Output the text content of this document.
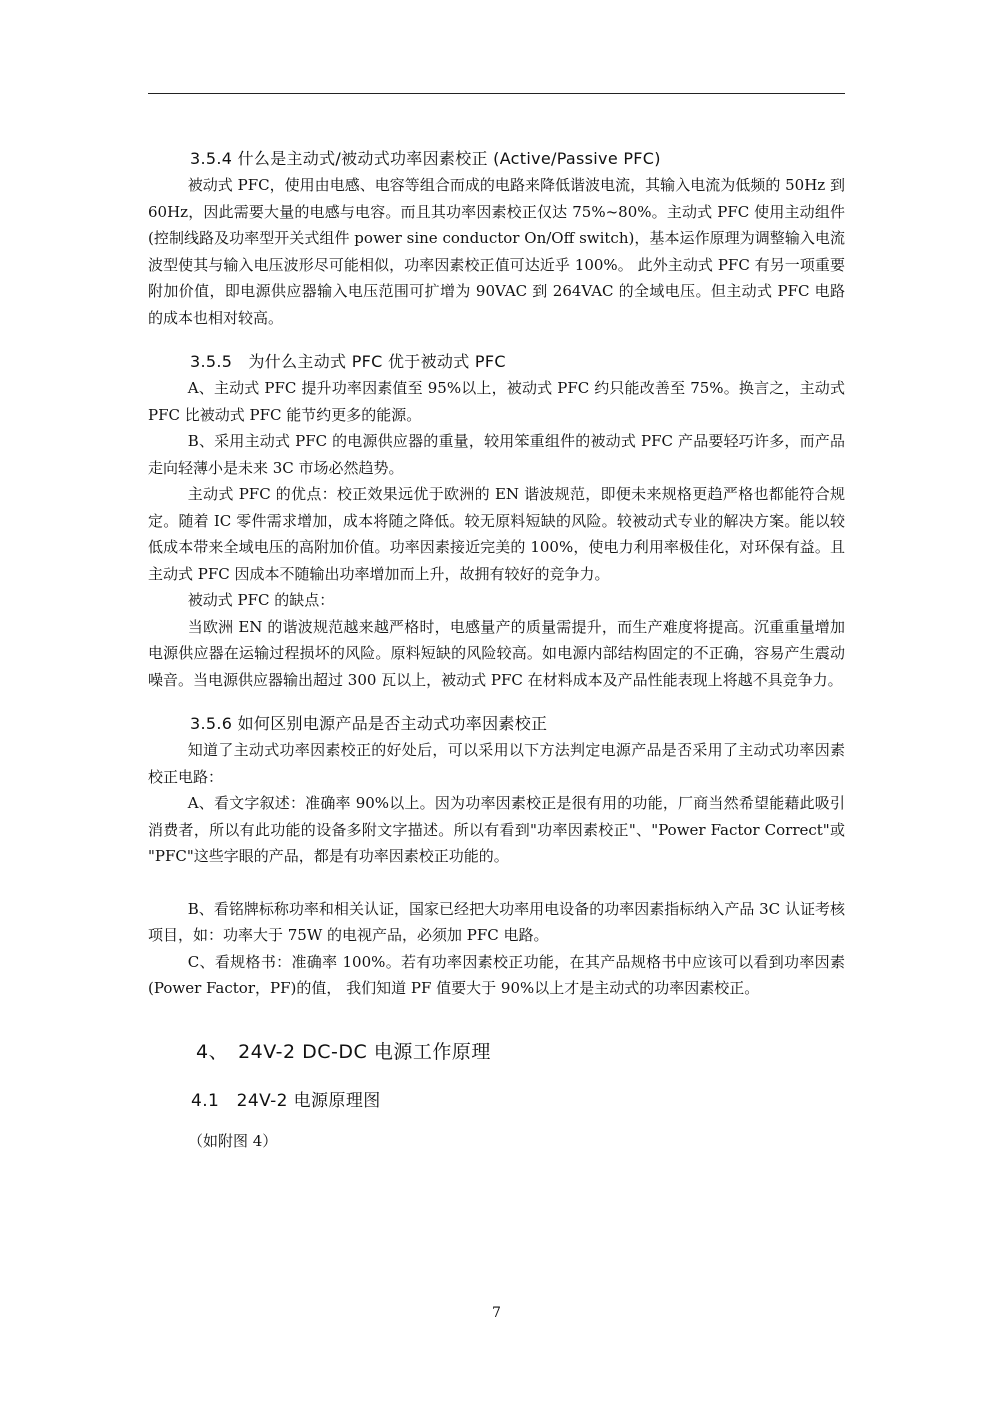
3.5.4 什么是主动式/被动式功率因素校正 (Active/Passive PFC)

被动式 PFC，使用由电感、电容等组合而成的电路来降低谐波电流，其输入电流为低频的 50Hz 到 60Hz，因此需要大量的电感与电容。而且其功率因素校正仅达 75%~80%。主动式 PFC 使用主动组件 (控制线路及功率型开关式组件 power sine conductor On/Off switch)，基本运作原理为调整输入电流波型使其与输入电压波形尽可能相似，功率因素校正值可达近乎 100%。 此外主动式 PFC 有另一项重要附加价值，即电源供应器输入电压范围可扩增为 90VAC 到 264VAC 的全域电压。但主动式 PFC 电路的成本也相对较高。

3.5.5　为什么主动式 PFC 优于被动式 PFC

A、主动式 PFC 提升功率因素值至 95%以上，被动式 PFC 约只能改善至 75%。换言之，主动式 PFC 比被动式 PFC 能节约更多的能源。

B、采用主动式 PFC 的电源供应器的重量，较用笨重组件的被动式 PFC 产品要轻巧许多，而产品走向轻薄小是未来 3C 市场必然趋势。

主动式 PFC 的优点：校正效果远优于欧洲的 EN 谐波规范，即便未来规格更趋严格也都能符合规定。随着 IC 零件需求增加，成本将随之降低。较无原料短缺的风险。较被动式专业的解决方案。能以较低成本带来全域电压的高附加价值。功率因素接近完美的 100%，使电力利用率极佳化，对环保有益。且主动式 PFC 因成本不随输出功率增加而上升，故拥有较好的竞争力。

被动式 PFC 的缺点：

当欧洲 EN 的谐波规范越来越严格时，电感量产的质量需提升，而生产难度将提高。沉重重量增加电源供应器在运输过程损坏的风险。原料短缺的风险较高。如电源内部结构固定的不正确，容易产生震动噪音。当电源供应器输出超过 300 瓦以上，被动式 PFC 在材料成本及产品性能表现上将越不具竞争力。

3.5.6 如何区别电源产品是否主动式功率因素校正

知道了主动式功率因素校正的好处后，可以采用以下方法判定电源产品是否采用了主动式功率因素校正电路：

A、看文字叙述：准确率 90%以上。因为功率因素校正是很有用的功能，厂商当然希望能藉此吸引消费者，所以有此功能的设备多附文字描述。所以有看到"功率因素校正"、"Power Factor Correct"或 "PFC"这些字眼的产品，都是有功率因素校正功能的。

B、看铭牌标称功率和相关认证，国家已经把大功率用电设备的功率因素指标纳入产品 3C 认证考核项目，如：功率大于 75W 的电视产品，必须加 PFC 电路。

C、看规格书：准确率 100%。若有功率因素校正功能，在其产品规格书中应该可以看到功率因素(Power Factor，PF)的值， 我们知道 PF 值要大于 90%以上才是主动式的功率因素校正。

4、　24V-2 DC-DC 电源工作原理
4.1　24V-2 电源原理图
（如附图 4）
7
